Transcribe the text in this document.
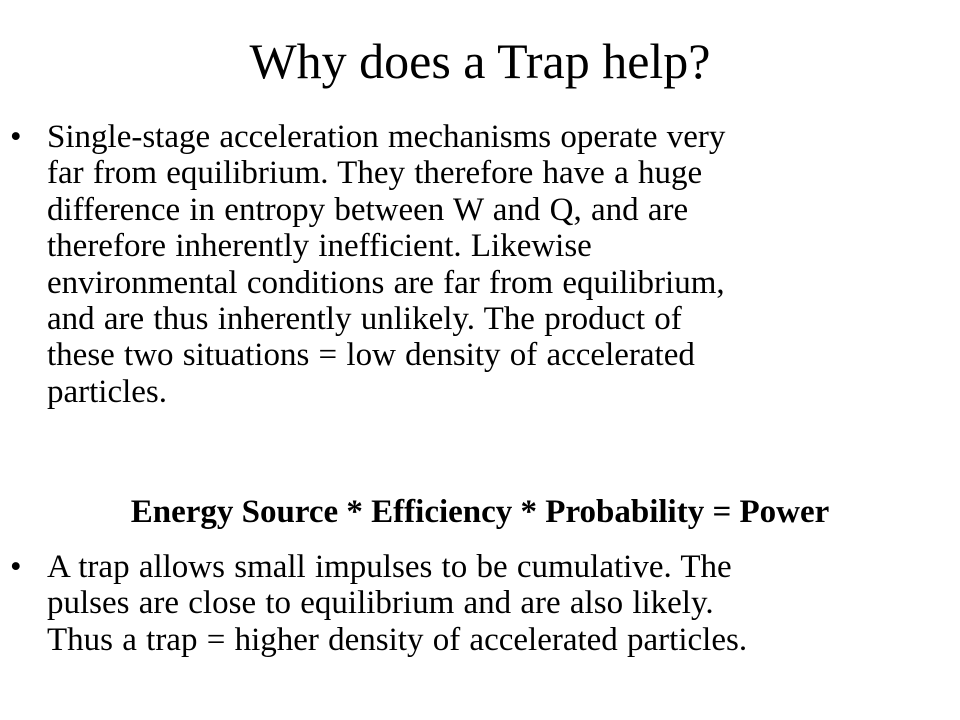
Why does a Trap help?
• Single-stage acceleration mechanisms operate very
far from equilibrium. They therefore have a huge
difference in entropy between W and Q, and are
therefore inherently inefficient. Likewise
environmental conditions are far from equilibrium,
and are thus inherently unlikely. The product of
these two situations = low density of accelerated
particles.
Energy Source * Efficiency * Probability = Power
• A trap allows small impulses to be cumulative. The
pulses are close to equilibrium and are also likely.
Thus a trap = higher density of accelerated particles.
